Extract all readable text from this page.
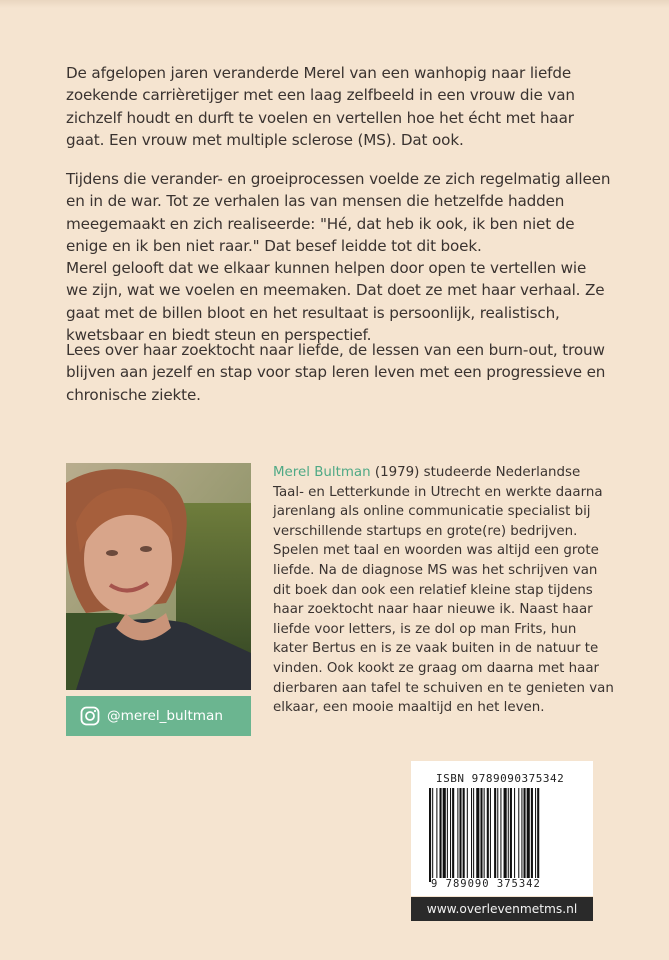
De afgelopen jaren veranderde Merel van een wanhopig naar liefde
zoekende carrièretijger met een laag zelfbeeld in een vrouw die van
zichzelf houdt en durft te voelen en vertellen hoe het écht met haar
gaat. Een vrouw met multiple sclerose (MS). Dat ook.
Tijdens die verander- en groeiprocessen voelde ze zich regelmatig alleen
en in de war. Tot ze verhalen las van mensen die hetzelfde hadden
meegemaakt en zich realiseerde: "Hé, dat heb ik ook, ik ben niet de
enige en ik ben niet raar." Dat besef leidde tot dit boek.
Merel gelooft dat we elkaar kunnen helpen door open te vertellen wie
we zijn, wat we voelen en meemaken. Dat doet ze met haar verhaal. Ze
gaat met de billen bloot en het resultaat is persoonlijk, realistisch,
kwetsbaar en biedt steun en perspectief.
Lees over haar zoektocht naar liefde, de lessen van een burn-out, trouw
blijven aan jezelf en stap voor stap leren leven met een progressieve en
chronische ziekte.
Merel Bultman (1979) studeerde Nederlandse
Taal- en Letterkunde in Utrecht en werkte daarna
jarenlang als online communicatie specialist bij
verschillende startups en grote(re) bedrijven.
Spelen met taal en woorden was altijd een grote
liefde. Na de diagnose MS was het schrijven van
dit boek dan ook een relatief kleine stap tijdens
haar zoektocht naar haar nieuwe ik. Naast haar
liefde voor letters, is ze dol op man Frits, hun
kater Bertus en is ze vaak buiten in de natuur te
vinden. Ook kookt ze graag om daarna met haar
dierbaren aan tafel te schuiven en te genieten van
elkaar, een mooie maaltijd en het leven.
@merel_bultman
ISBN 9789090375342
9 789090 375342
www.overlevenmetms.nl
